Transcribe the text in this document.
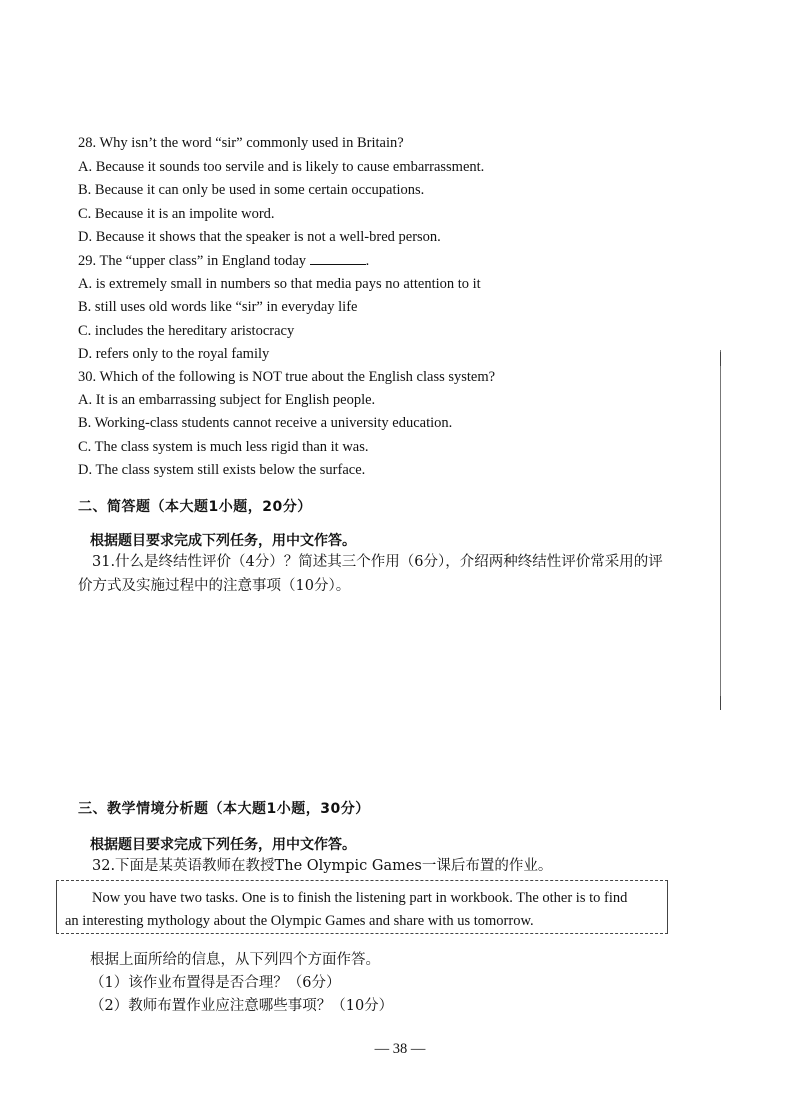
28. Why isn’t the word “sir” commonly used in Britain?
A. Because it sounds too servile and is likely to cause embarrassment.
B. Because it can only be used in some certain occupations.
C. Because it is an impolite word.
D. Because it shows that the speaker is not a well-bred person.
29. The “upper class” in England today	.
A. is extremely small in numbers so that media pays no attention to it
B. still uses old words like “sir” in everyday life
C. includes the hereditary aristocracy
D. refers only to the royal family
30. Which of the following is NOT true about the English class system?
A. It is an embarrassing subject for English people.
B. Working-class students cannot receive a university education.
C. The class system is much less rigid than it was.
D. The class system still exists below the surface.
二、简答题（本大题1小题，20分）
根据题目要求完成下列任务，用中文作答。
31.什么是终结性评价（4分）？简述其三个作用（6分），介绍两种终结性评价常采用的评
价方式及实施过程中的注意事项（10分）。
三、教学情境分析题（本大题1小题，30分）
根据题目要求完成下列任务，用中文作答。
32.下面是某英语教师在教授The Olympic Games一课后布置的作业。
Now you have two tasks. One is to finish the listening part in workbook. The other is to find
an interesting mythology about the Olympic Games and share with us tomorrow.
根据上面所给的信息，从下列四个方面作答。
（1）该作业布置得是否合理？（6分）
（2）教师布置作业应注意哪些事项？（10分）
— 38 —
